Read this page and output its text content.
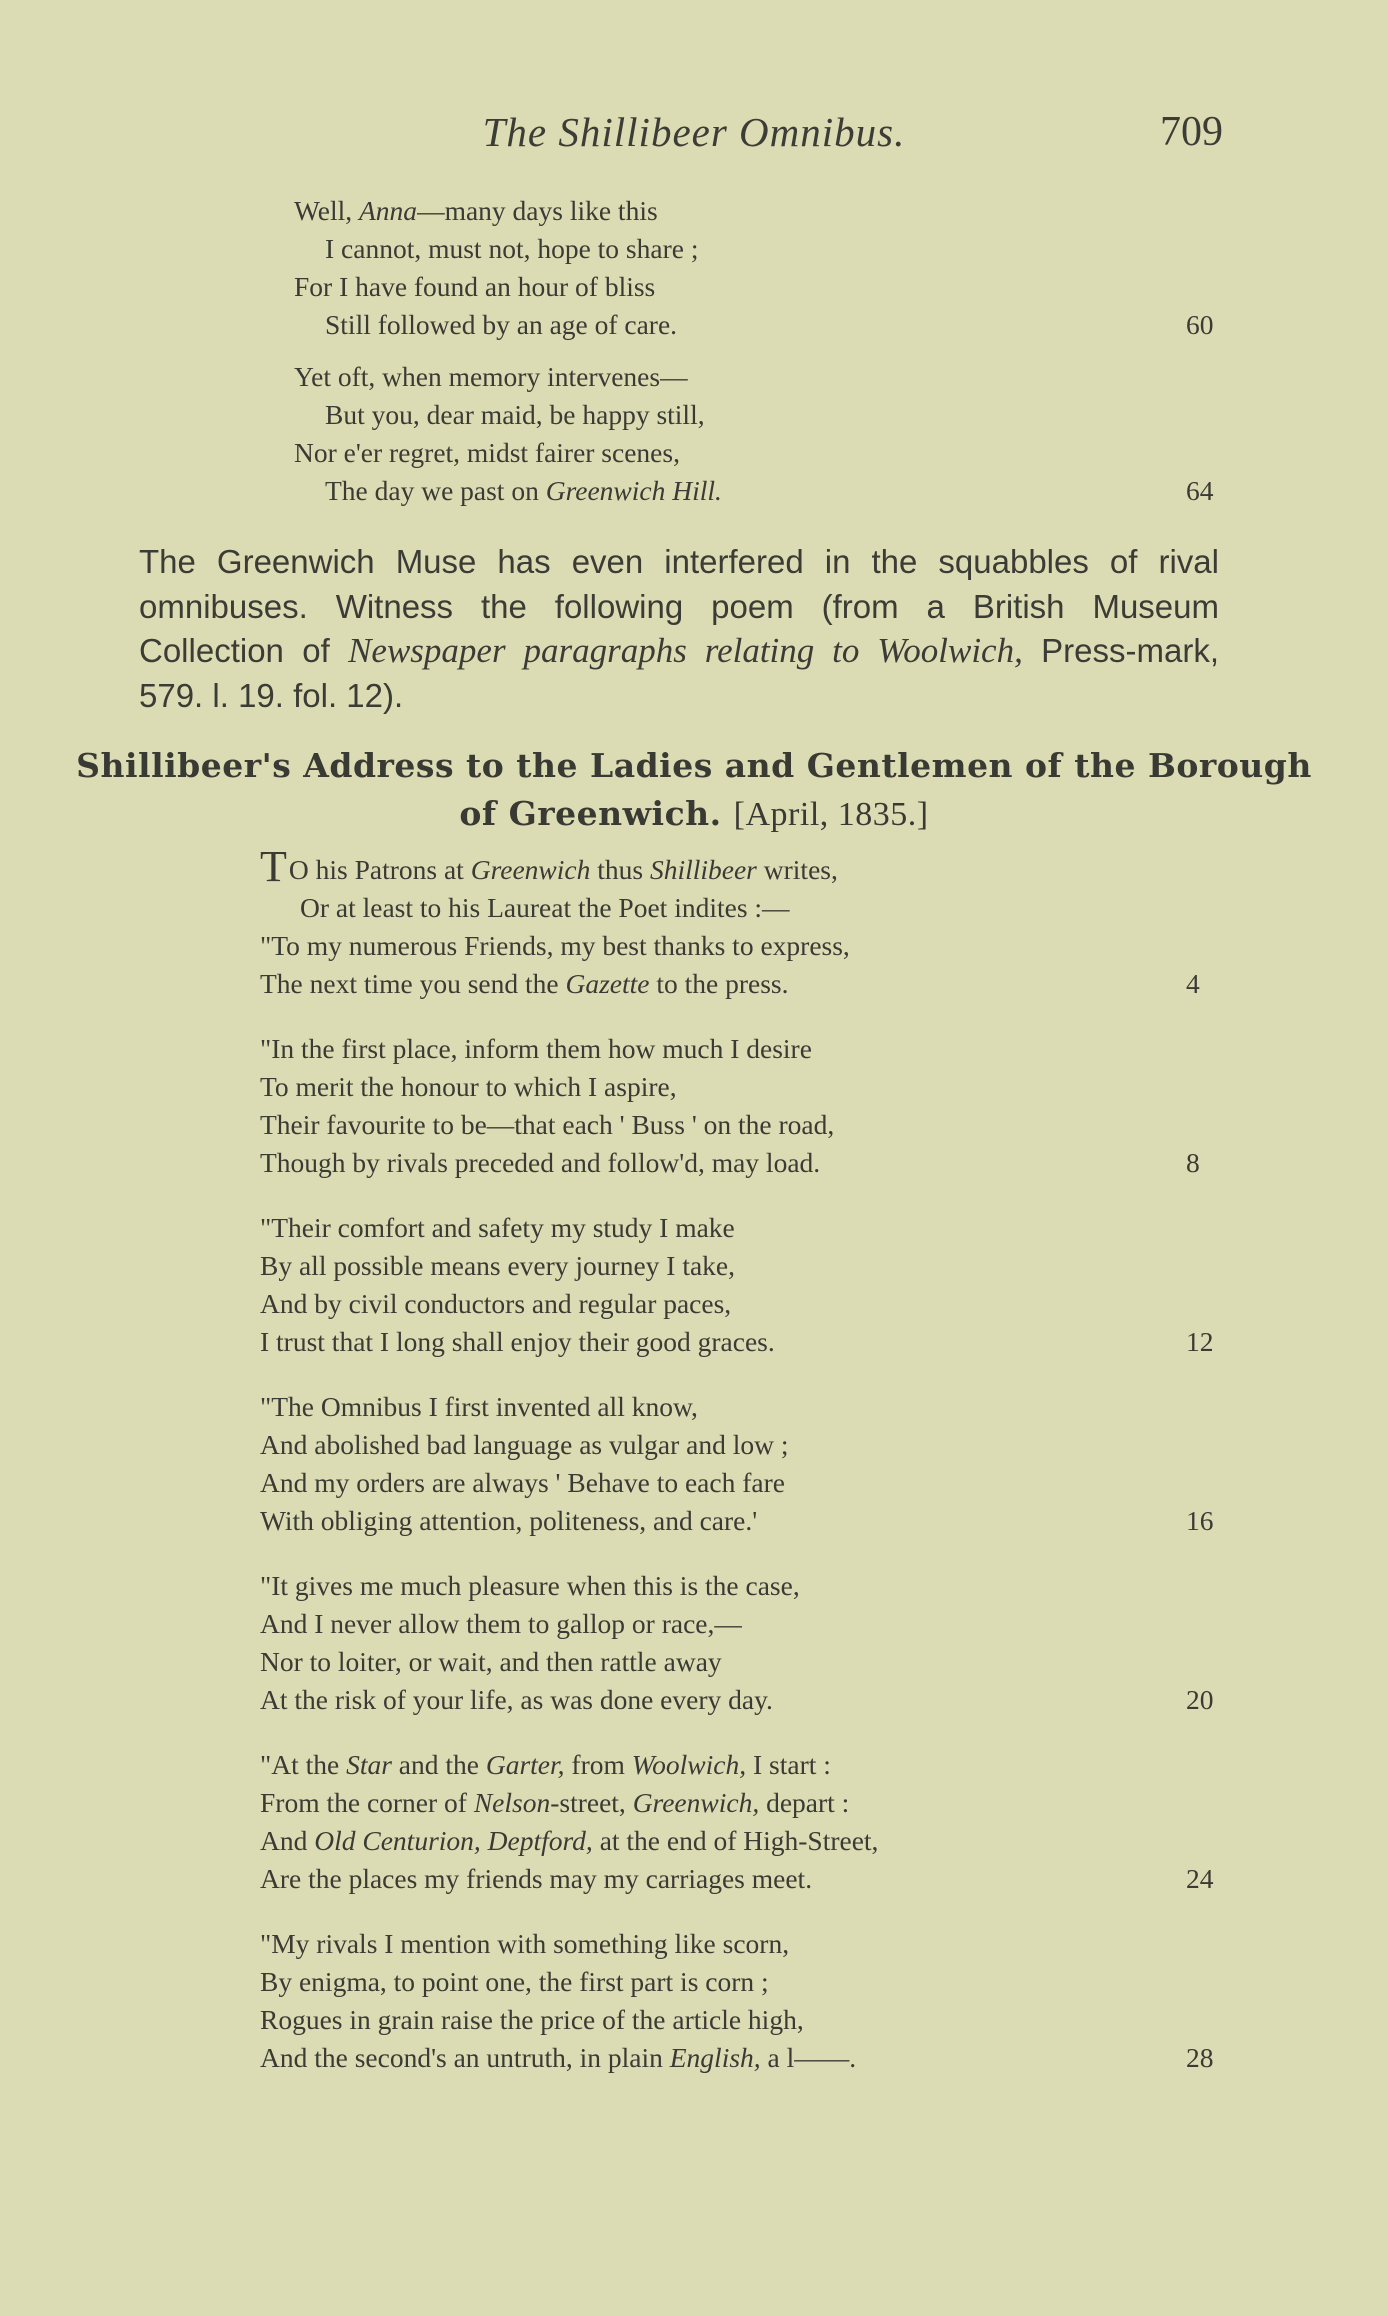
The Shillibeer Omnibus.	709
Well, Anna—many days like this
I cannot, must not, hope to share ;
For I have found an hour of bliss
Still followed by an age of care.	60
Yet oft, when memory intervenes—
But you, dear maid, be happy still,
Nor e'er regret, midst fairer scenes,
The day we past on Greenwich Hill.	64
The Greenwich Muse has even interfered in the squabbles of rival omnibuses. Witness the following poem (from a British Museum Collection of Newspaper paragraphs relating to Woolwich, Press-mark, 579. l. 19. fol. 12).
Shillibeer's Address to the Ladies and Gentlemen of the Borough
of Greenwich. [April, 1835.]
TO his Patrons at Greenwich thus Shillibeer writes,
Or at least to his Laureat the Poet indites :—
"To my numerous Friends, my best thanks to express,
The next time you send the Gazette to the press.	4
"In the first place, inform them how much I desire
To merit the honour to which I aspire,
Their favourite to be—that each ' Buss ' on the road,
Though by rivals preceded and follow'd, may load.	8
"Their comfort and safety my study I make
By all possible means every journey I take,
And by civil conductors and regular paces,
I trust that I long shall enjoy their good graces.	12
"The Omnibus I first invented all know,
And abolished bad language as vulgar and low ;
And my orders are always ' Behave to each fare
With obliging attention, politeness, and care.'	16
"It gives me much pleasure when this is the case,
And I never allow them to gallop or race,—
Nor to loiter, or wait, and then rattle away
At the risk of your life, as was done every day.	20
"At the Star and the Garter, from Woolwich, I start :
From the corner of Nelson-street, Greenwich, depart :
And Old Centurion, Deptford, at the end of High-Street,
Are the places my friends may my carriages meet.	24
"My rivals I mention with something like scorn,
By enigma, to point one, the first part is corn ;
Rogues in grain raise the price of the article high,
And the second's an untruth, in plain English, a l——.	28
